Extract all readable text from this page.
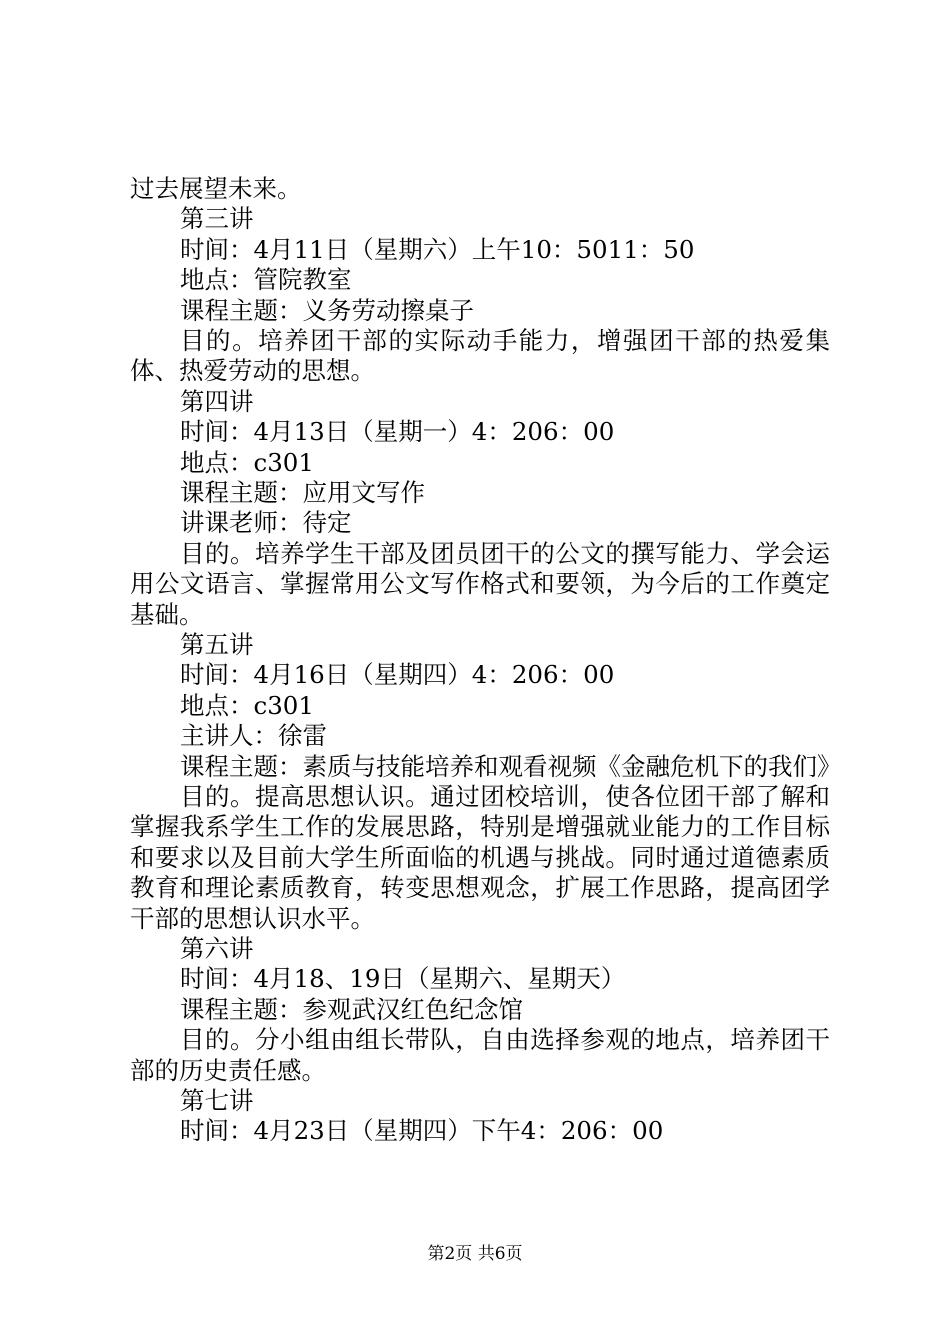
过去展望未来。
第三讲
时间：4月11日（星期六）上午10：5011：50
地点：管院教室
课程主题：义务劳动擦桌子
目的。培养团干部的实际动手能力，增强团干部的热爱集体、热爱劳动的思想。
第四讲
时间：4月13日（星期一）4：206：00
地点：c301
课程主题：应用文写作
讲课老师：待定
目的。培养学生干部及团员团干的公文的撰写能力、学会运用公文语言、掌握常用公文写作格式和要领，为今后的工作奠定基础。
第五讲
时间：4月16日（星期四）4：206：00
地点：c301
主讲人：徐雷
课程主题：素质与技能培养和观看视频《金融危机下的我们》
目的。提高思想认识。通过团校培训，使各位团干部了解和掌握我系学生工作的发展思路，特别是增强就业能力的工作目标和要求以及目前大学生所面临的机遇与挑战。同时通过道德素质教育和理论素质教育，转变思想观念，扩展工作思路，提高团学干部的思想认识水平。
第六讲
时间：4月18、19日（星期六、星期天）
课程主题：参观武汉红色纪念馆
目的。分小组由组长带队，自由选择参观的地点，培养团干部的历史责任感。
第七讲
时间：4月23日（星期四）下午4：206：00
第2页 共6页
